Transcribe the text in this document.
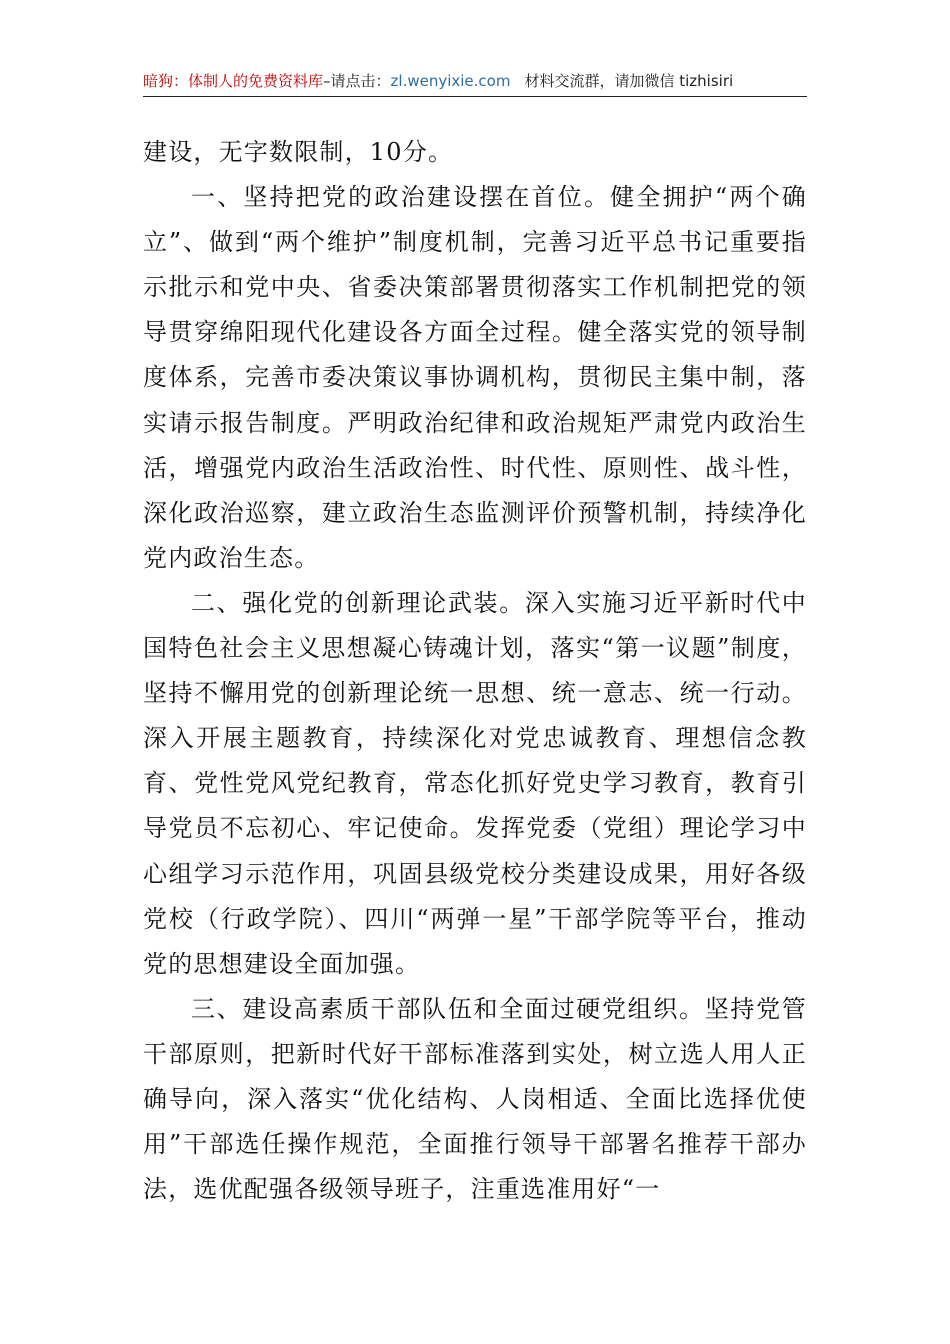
暗狗：体制人的免费资料库–请点击：zl.wenyixie.com 材料交流群，请加微信 tizhisiri

建设，无字数限制，10分。

一、坚持把党的政治建设摆在首位。健全拥护“两个确立”、做到“两个维护”制度机制，完善习近平总书记重要指示批示和党中央、省委决策部署贯彻落实工作机制把党的领导贯穿绵阳现代化建设各方面全过程。健全落实党的领导制度体系，完善市委决策议事协调机构，贯彻民主集中制，落实请示报告制度。严明政治纪律和政治规矩严肃党内政治生活，增强党内政治生活政治性、时代性、原则性、战斗性，深化政治巡察，建立政治生态监测评价预警机制，持续净化党内政治生态。

二、强化党的创新理论武装。深入实施习近平新时代中国特色社会主义思想凝心铸魂计划，落实“第一议题”制度，坚持不懈用党的创新理论统一思想、统一意志、统一行动。深入开展主题教育，持续深化对党忠诚教育、理想信念教育、党性党风党纪教育，常态化抓好党史学习教育，教育引导党员不忘初心、牢记使命。发挥党委（党组）理论学习中心组学习示范作用，巩固县级党校分类建设成果，用好各级党校（行政学院）、四川“两弹一星”干部学院等平台，推动党的思想建设全面加强。

三、建设高素质干部队伍和全面过硬党组织。坚持党管干部原则，把新时代好干部标准落到实处，树立选人用人正确导向，深入落实“优化结构、人岗相适、全面比选择优使用”干部选任操作规范，全面推行领导干部署名推荐干部办法，选优配强各级领导班子，注重选准用好“一
